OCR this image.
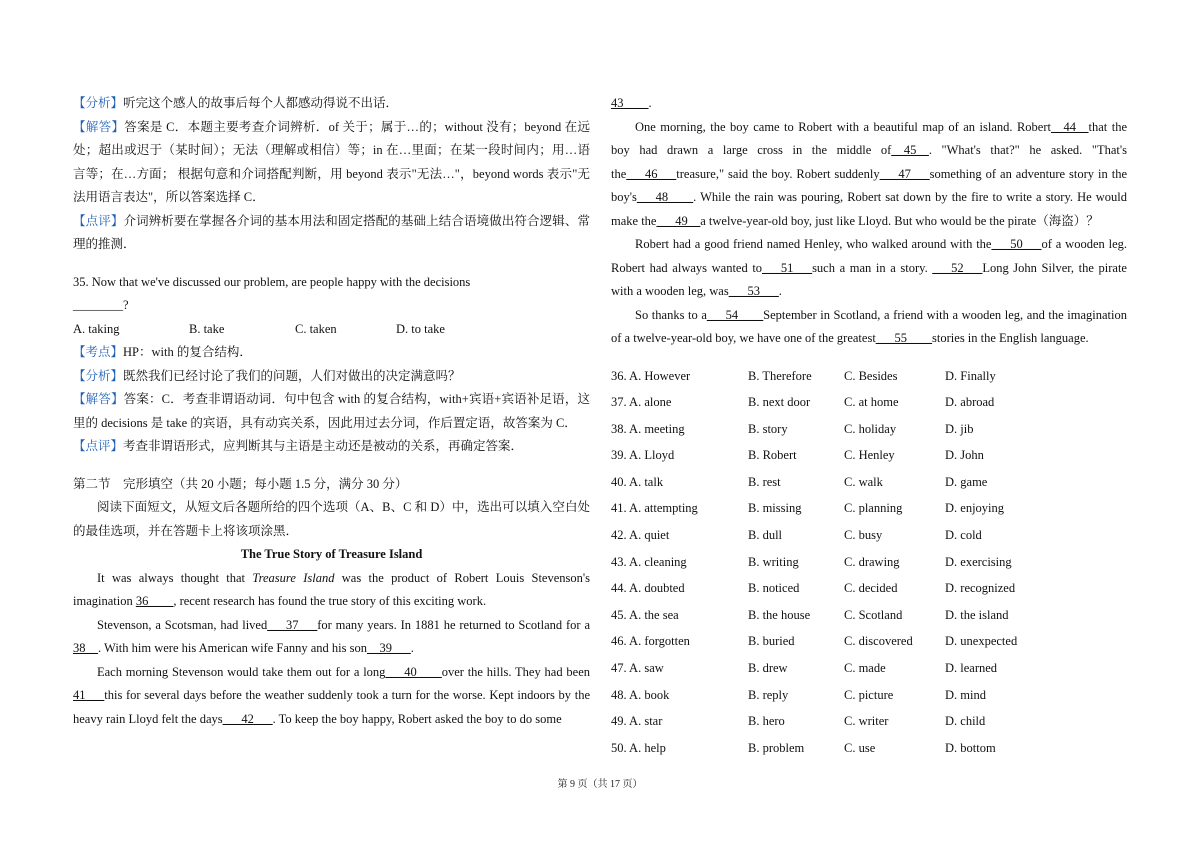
【分析】听完这个感人的故事后每个人都感动得说不出话．

【解答】答案是 C．本题主要考查介词辨析．of 关于；属于…的；without 没有；beyond 在远处；超出或迟于（某时间）；无法（理解或相信）等；in 在…里面；在某一段时间内；用…语言等；在…方面； 根据句意和介词搭配判断，用 beyond 表示"无法…"，beyond words 表示"无法用语言表达"，所以答案选择 C．

【点评】介词辨析要在掌握各介词的基本用法和固定搭配的基础上结合语境做出符合逻辑、常理的推测．

35. Now that we've discussed our problem, are people happy with the decisions

________?

A. taking	B. take	C. taken	D. to take

【考点】HP：with 的复合结构．

【分析】既然我们已经讨论了我们的问题，人们对做出的决定满意吗？

【解答】答案：C．考查非谓语动词．句中包含 with 的复合结构，with+宾语+宾语补足语，这里的 decisions 是 take 的宾语，具有动宾关系，因此用过去分词，作后置定语，故答案为 C．

【点评】考查非谓语形式，应判断其与主语是主动还是被动的关系，再确定答案．

第二节　完形填空（共 20 小题；每小题 1.5 分，满分 30 分）

阅读下面短文，从短文后各题所给的四个选项（A、B、C 和 D）中，选出可以填入空白处的最佳选项，并在答题卡上将该项涂黑．

The True Story of Treasure Island

It was always thought that Treasure Island was the product of Robert Louis Stevenson's imagination 36____, recent research has found the true story of this exciting work.

Stevenson, a Scotsman, had lived___37___for many years. In 1881 he returned to Scotland for a 38__. With him were his American wife Fanny and his son__39___.

Each morning Stevenson would take them out for a long___40____over the hills. They had been 41___this for several days before the weather suddenly took a turn for the worse. Kept indoors by the heavy rain Lloyd felt the days___42___. To keep the boy happy, Robert asked the boy to do some

43____.

One morning, the boy came to Robert with a beautiful map of an island. Robert__44__that the boy had drawn a large cross in the middle of__45__. "What's that?" he asked. "That's the___46___treasure," said the boy. Robert suddenly___47___something of an adventure story in the boy's___48____. While the rain was pouring, Robert sat down by the fire to write a story. He would make the___49__a twelve-year-old boy, just like Lloyd. But who would be the pirate（海盗）？

Robert had a good friend named Henley, who walked around with the___50___of a wooden leg. Robert had always wanted to___51___such a man in a story. ___52___Long John Silver, the pirate with a wooden leg, was___53___.

So thanks to a___54____September in Scotland, a friend with a wooden leg, and the imagination of a twelve-year-old boy, we have one of the greatest___55____stories in the English language.

36. A. However	B. Therefore	C. Besides	D. Finally
37. A. alone	B. next door	C. at home	D. abroad
38. A. meeting	B. story	C. holiday	D. jib
39. A. Lloyd	B. Robert	C. Henley	D. John
40. A. talk	B. rest	C. walk	D. game
41. A. attempting	B. missing	C. planning	D. enjoying
42. A. quiet	B. dull	C. busy	D. cold
43. A. cleaning	B. writing	C. drawing	D. exercising
44. A. doubted	B. noticed	C. decided	D. recognized
45. A. the sea	B. the house	C. Scotland	D. the island
46. A. forgotten	B. buried	C. discovered	D. unexpected
47. A. saw	B. drew	C. made	D. learned
48. A. book	B. reply	C. picture	D. mind
49. A. star	B. hero	C. writer	D. child
50. A. help	B. problem	C. use	D. bottom
第 9 页（共 17 页）
